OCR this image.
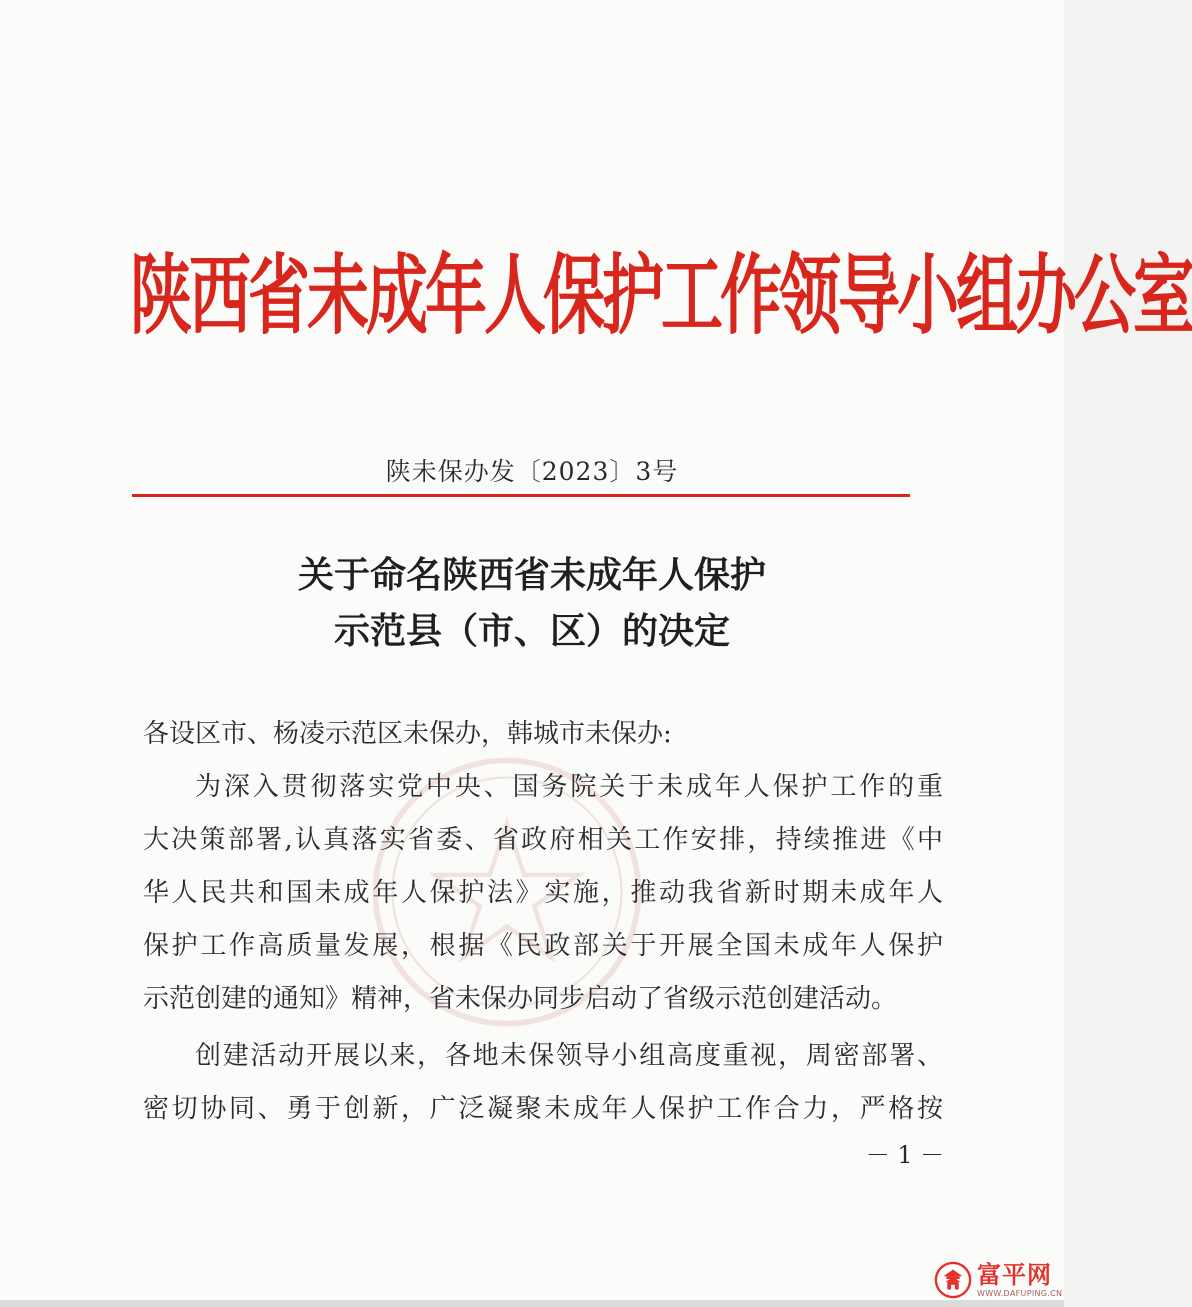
陕西省未成年人保护工作领导小组办公室
陕未保办发〔2023〕3号
关于命名陕西省未成年人保护
示范县（市、区）的决定
各设区市、杨凌示范区未保办，韩城市未保办:
为深入贯彻落实党中央、国务院关于未成年人保护工作的重
大决策部署,认真落实省委、省政府相关工作安排，持续推进《中
华人民共和国未成年人保护法》实施，推动我省新时期未成年人
保护工作高质量发展，根据《民政部关于开展全国未成年人保护
示范创建的通知》精神，省未保办同步启动了省级示范创建活动。
创建活动开展以来，各地未保领导小组高度重视，周密部署、
密切协同、勇于创新，广泛凝聚未成年人保护工作合力，严格按
－ 1 －
富平网
WWW.DAFUPING.CN
